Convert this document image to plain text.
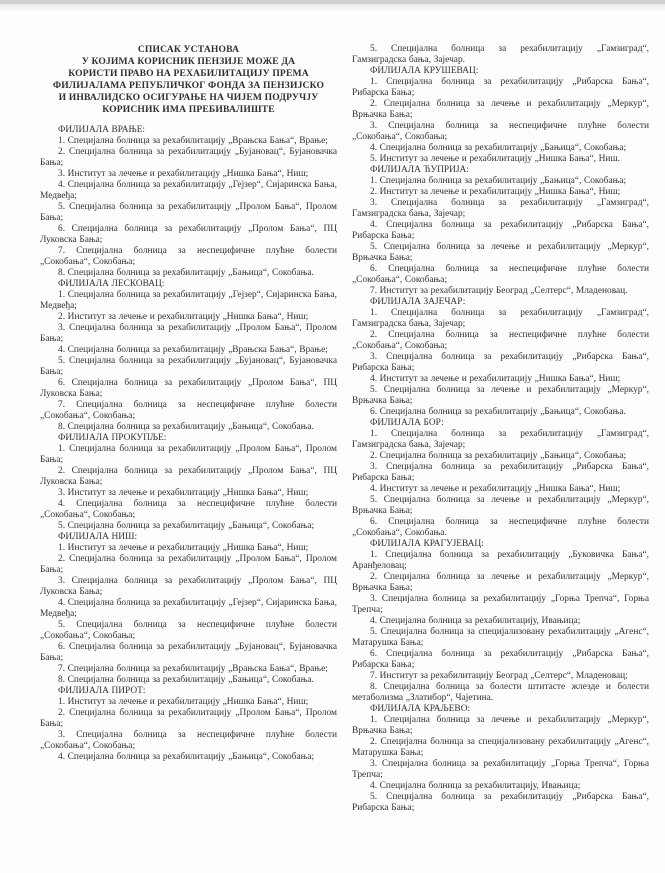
СПИСАК УСТАНОВА
У КОЈИМА КОРИСНИК ПЕНЗИЈЕ МОЖЕ ДА
КОРИСТИ ПРАВО НА РЕХАБИЛИТАЦИЈУ ПРЕМА
ФИЛИЈАЛАМА РЕПУБЛИЧКОГ ФОНДА ЗА ПЕНЗИЈСКО
И ИНВАЛИДСКО ОСИГУРАЊЕ НА ЧИЈЕМ ПОДРУЧЈУ
КОРИСНИК ИМА ПРЕБИВАЛИШТЕ

ФИЛИЈАЛА ВРАЊЕ:

1. Специјална болница за рехабилитацију „Врањска Бања“, Врање;

2. Специјална болница за рехабилитацију „Бујановац“, Бујановачка Бања;

3. Институт за лечење и рехабилитацију „Нишка Бања“, Ниш;

4. Специјална болница за рехабилитацију „Гејзер“, Сијаринска Бања, Медвеђа;

5. Специјална болница за рехабилитацију „Пролом Бања“, Пролом Бања;

6. Специјална болница за рехабилитацију „Пролом Бања“, ПЦ Луковска Бања;

7. Специјална болница за неспецифичне плућне болести „Сокобања“, Сокобања;

8. Специјална болница за рехабилитацију „Бањица“, Сокобања.

ФИЛИЈАЛА ЛЕСКОВАЦ:

1. Специјална болница за рехабилитацију „Гејзер“, Сијаринска Бања, Медвеђа;

2. Институт за лечење и рехабилитацију „Нишка Бања“, Ниш;

3. Специјална болница за рехабилитацију „Пролом Бања“, Пролом Бања;

4. Специјална болница за рехабилитацију „Врањска Бања“, Врање;

5. Специјална болница за рехабилитацију „Бујановац“, Бујановачка Бања;

6. Специјална болница за рехабилитацију „Пролом Бања“, ПЦ Луковска Бања;

7. Специјална болница за неспецифичне плућне болести „Сокобања“, Сокобања;

8. Специјална болница за рехабилитацију „Бањица“, Сокобања.

ФИЛИЈАЛА ПРОКУПЉЕ:

1. Специјална болница за рехабилитацију „Пролом Бања“, Пролом Бања;

2. Специјална болница за рехабилитацију „Пролом Бања“, ПЦ Луковска Бања;

3. Институт за лечење и рехабилитацију „Нишка Бања“, Ниш;

4. Специјална болница за неспецифичне плућне болести „Сокобања“, Сокобања;

5. Специјална болница за рехабилитацију „Бањица“, Сокобања;

ФИЛИЈАЛА НИШ:

1. Институт за лечење и рехабилитацију „Нишка Бања“, Ниш;

2. Специјална болница за рехабилитацију „Пролом Бања“, Пролом Бања;

3. Специјална болница за рехабилитацију „Пролом Бања“, ПЦ Луковска Бања;

4. Специјална болница за рехабилитацију „Гејзер“, Сијаринска Бања, Медвеђа;

5. Специјална болница за неспецифичне плућне болести „Сокобања“, Сокобања;

6. Специјална болница за рехабилитацију „Бујановац“, Бујановачка Бања;

7. Специјална болница за рехабилитацију „Врањска Бања“, Врање;

8. Специјална болница за рехабилитацију „Бањица“, Сокобања.

ФИЛИЈАЛА ПИРОТ:

1. Институт за лечење и рехабилитацију „Нишка Бања“, Ниш;

2. Специјална болница за рехабилитацију „Пролом Бања“, Пролом Бања;

3. Специјална болница за неспецифичне плућне болести „Сокобања“, Сокобања;

4. Специјална болница за рехабилитацију „Бањица“, Сокобања;

5. Специјална болница за рехабилитацију „Гамзиград“, Гамзиградска бања, Зајечар.

ФИЛИЈАЛА КРУШЕВАЦ:

1. Специјална болница за рехабилитацију „Рибарска Бања“, Рибарска Бања;

2. Специјална болница за лечење и рехабилитацију „Меркур“, Врњачка Бања;

3. Специјална болница за неспецифичне плућне болести „Сокобања“, Сокобања;

4. Специјална болница за рехабилитацију „Бањица“, Сокобања;

5. Институт за лечење и рехабилитацију „Нишка Бања“, Ниш.

ФИЛИЈАЛА ЋУПРИЈА:

1. Специјална болница за рехабилитацију „Бањица“, Сокобања;

2. Институт за лечење и рехабилитацију „Нишка Бања“, Ниш;

3. Специјална болница за рехабилитацију „Гамзиград“, Гамзиградска бања, Зајечар;

4. Специјална болница за рехабилитацију „Рибарска Бања“, Рибарска Бања;

5. Специјална болница за лечење и рехабилитацију „Меркур“, Врњачка Бања;

6. Специјална болница за неспецифичне плућне болести „Сокобања“, Сокобања;

7. Институт за рехабилитацију Београд „Селтерс“, Младеновац.

ФИЛИЈАЛА ЗАЈЕЧАР:

1. Специјална болница за рехабилитацију „Гамзиград“, Гамзиградска бања, Зајечар;

2. Специјална болница за неспецифичне плућне болести „Сокобања“, Сокобања;

3. Специјална болница за рехабилитацију „Рибарска Бања“, Рибарска Бања;

4. Институт за лечење и рехабилитацију „Нишка Бања“, Ниш;

5. Специјална болница за лечење и рехабилитацију „Меркур“, Врњачка Бања;

6. Специјална болница за рехабилитацију „Бањица“, Сокобања.

ФИЛИЈАЛА БОР:

1. Специјална болница за рехабилитацију „Гамзиград“, Гамзиградска бања, Зајечар;

2. Специјална болница за рехабилитацију „Бањица“, Сокобања;

3. Специјална болница за рехабилитацију „Рибарска Бања“, Рибарска Бања;

4. Институт за лечење и рехабилитацију „Нишка Бања“, Ниш;

5. Специјална болница за лечење и рехабилитацију „Меркур“, Врњачка Бања;

6. Специјална болница за неспецифичне плућне болести „Сокобања“, Сокобања.

ФИЛИЈАЛА КРАГУЈЕВАЦ:

1. Специјална болница за рехабилитацију „Буковичка Бања“, Аранђеловац;

2. Специјална болница за лечење и рехабилитацију „Меркур“, Врњачка Бања;

3. Специјална болница за рехабилитацију „Горња Трепча“, Горња Трепча;

4. Специјална болница за рехабилитацију, Ивањица;

5. Специјална болница за специјализовану рехабилитацију „Агенс“, Матарушка Бања;

6. Специјална болница за рехабилитацију „Рибарска Бања“, Рибарска Бања;

7. Институт за рехабилитацију Београд „Селтерс“, Младеновац;

8. Специјална болница за болести штитасте жлезде и болести метаболизма „Златибор“, Чајетина.

ФИЛИЈАЛА КРАЉЕВО:

1. Специјална болница за лечење и рехабилитацију „Меркур“, Врњачка Бања;

2. Специјална болница за специјализовану рехабилитацију „Агенс“, Матарушка Бања;

3. Специјална болница за рехабилитацију „Горња Трепча“, Горња Трепча;

4. Специјална болница за рехабилитацију, Ивањица;

5. Специјална болница за рехабилитацију „Рибарска Бања“, Рибарска Бања;
